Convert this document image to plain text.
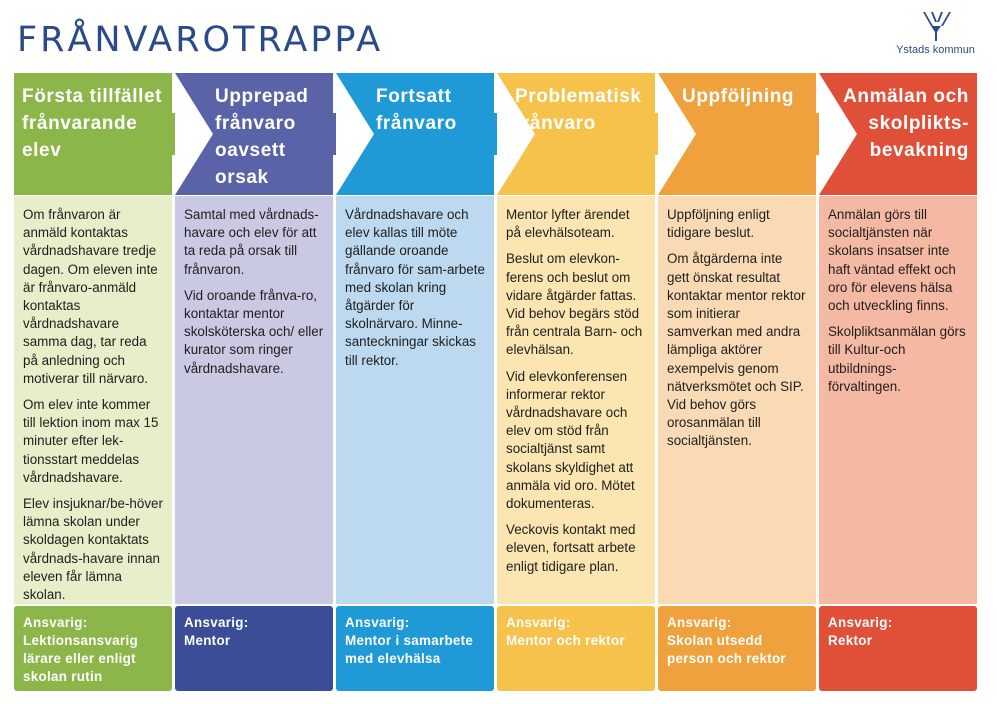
FRÅNVAROTRAPPA	Ystads kommun
Första tillfället
frånvarande
elev

Om frånvaron är anmäld kontaktas vårdnadshavare tredje dagen. Om eleven inte är frånvaro-anmäld kontaktas vårdnadshavare samma dag, tar reda på anledning och motiverar till närvaro.

Om elev inte kommer till lektion inom max 15 minuter efter lek-tionsstart meddelas vårdnadshavare.

Elev insjuknar/be-höver lämna skolan under skoldagen kontaktats vårdnads-havare innan eleven får lämna skolan.

Ansvarig:
Lektionsansvarig lärare eller enligt skolan rutin
Upprepad
frånvaro
oavsett
orsak

Samtal med vårdnads-havare och elev för att ta reda på orsak till frånvaron.

Vid oroande frånva-ro, kontaktar mentor skolsköterska och/ eller kurator som ringer vårdnadshavare.

Ansvarig:
Mentor
Fortsatt
frånvaro

Vårdnadshavare och elev kallas till möte gällande oroande frånvaro för sam-arbete med skolan kring åtgärder för skolnärvaro. Minne-santeckningar skickas till rektor.

Ansvarig:
Mentor i samarbete med elevhälsa
Problematisk
frånvaro

Mentor lyfter ärendet på elevhälsoteam.

Beslut om elevkon-ferens och beslut om vidare åtgärder fattas. Vid behov begärs stöd från centrala Barn- och elevhälsan.

Vid elevkonferensen informerar rektor vårdnadshavare och elev om stöd från socialtjänst samt skolans skyldighet att anmäla vid oro. Mötet dokumenteras.

Veckovis kontakt med eleven, fortsatt arbete enligt tidigare plan.

Ansvarig:
Mentor och rektor
Uppföljning

Uppföljning enligt tidigare beslut.

Om åtgärderna inte gett önskat resultat kontaktar mentor rektor som initierar samverkan med andra lämpliga aktörer exempelvis genom nätverksmötet och SIP. Vid behov görs orosanmälan till socialtjänsten.

Ansvarig:
Skolan utsedd person och rektor
Anmälan och
skolplikts-
bevakning

Anmälan görs till socialtjänsten när skolans insatser inte haft väntad effekt och oro för elevens hälsa och utveckling finns.

Skolpliktsanmälan görs till Kultur-och utbildnings-förvaltingen.

Ansvarig:
Rektor
